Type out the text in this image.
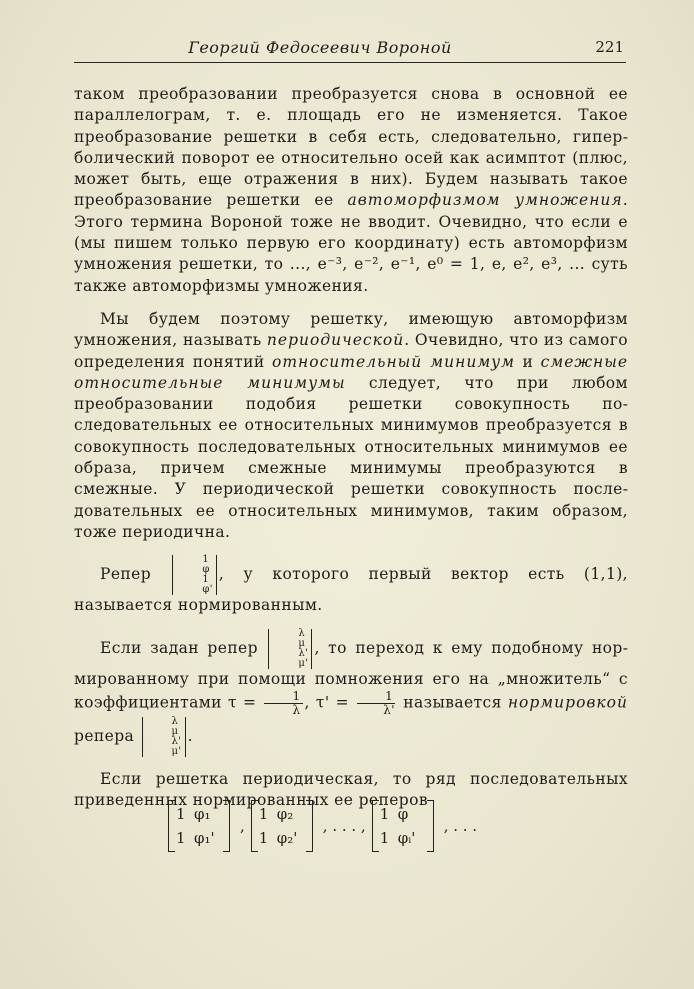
Георгий Федосеевич Вороной	221

таком преобразовании преобразуется снова в основной ее параллелограм, т. е. площадь его не изменяется. Такое преобразование решетки в себя есть, следовательно, гиперболический поворот ее относительно осей как асимптот (плюс, может быть, еще отражения в них). Будем называть такое преобразование решетки ее автоморфизмом умножения. Этого термина Вороной тоже не вводит. Очевидно, что если e (мы пишем только первую его координату) есть автоморфизм умножения решетки, то ..., e⁻³, e⁻², e⁻¹, e⁰ = 1, e, e², e³, ... суть также автоморфизмы умножения.

Мы будем поэтому решетку, имеющую автоморфизм умножения, называть периодической. Очевидно, что из самого определения понятий относительный минимум и смежные относительные минимумы следует, что при любом преобразовании подобия решетки совокупность последовательных ее относительных минимумов преобразуется в совокупность последовательных относительных минимумов ее образа, причем смежные минимумы преобразуются в смежные. У периодической решетки совокупность последовательных ее относительных минимумов, таким образом, тоже периодична.

Репер
1
φ
1
φ'
, у которого первый вектор есть (1,1), называется нормированным.

Если задан репер
λ
μ
λ'
μ'
, то переход к ему подобному нормированному при помощи помножения его на „множитель“ с коэффициентами $\tau = \frac{1}{\lambda}$ , $\tau' = \frac{1}{\lambda'}$ называется нормировкой репера
λ
μ
λ'
μ'
.

Если решетка периодическая, то ряд последовательных приведенных нормированных ее реперов

1 φ₁
1 φ₁'
,
1 φ₂
1 φ₂'
, . . . ,
1 φ
1 φᵢ'
, . . .
